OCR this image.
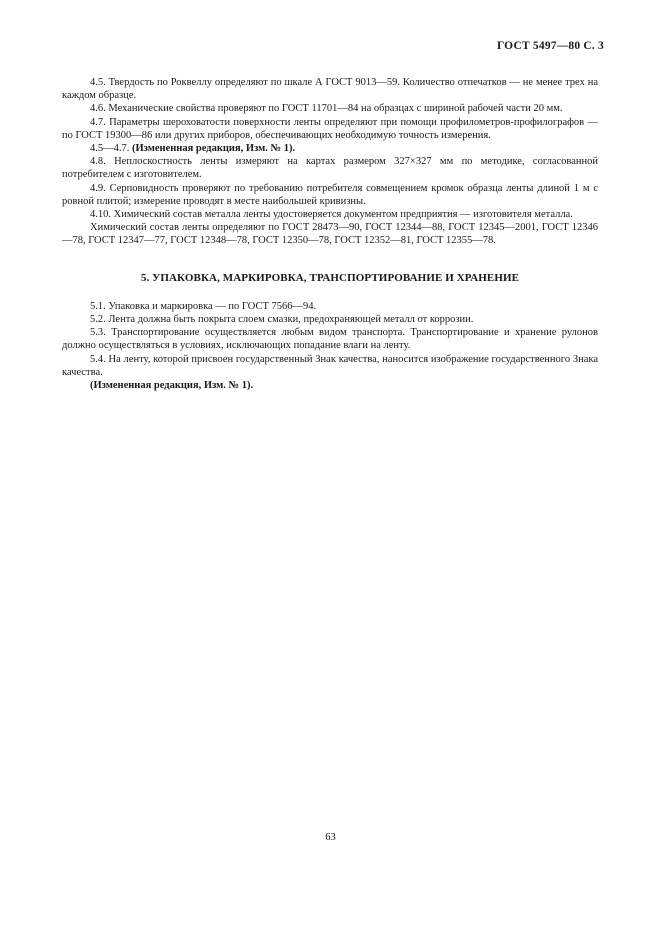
ГОСТ 5497—80 С. 3

4.5. Твердость по Роквеллу определяют по шкале А ГОСТ 9013—59. Количество отпечатков — не менее трех на каждом образце.

4.6. Механические свойства проверяют по ГОСТ 11701—84 на образцах с шириной рабочей части 20 мм.

4.7. Параметры шероховатости поверхности ленты определяют при помощи профилометров-профилографов — по ГОСТ 19300—86 или других приборов, обеспечивающих необходимую точность измерения.

4.5—4.7. (Измененная редакция, Изм. № 1).

4.8. Неплоскостность ленты измеряют на картах размером 327×327 мм по методике, согласованной потребителем с изготовителем.

4.9. Серповидность проверяют по требованию потребителя совмещением кромок образца ленты длиной 1 м с ровной плитой; измерение проводят в месте наибольшей кривизны.

4.10. Химический состав металла ленты удостоверяется документом предприятия — изготовителя металла.

Химический состав ленты определяют по ГОСТ 28473—90, ГОСТ 12344—88, ГОСТ 12345—2001, ГОСТ 12346—78, ГОСТ 12347—77, ГОСТ 12348—78, ГОСТ 12350—78, ГОСТ 12352—81, ГОСТ 12355—78.

5. УПАКОВКА, МАРКИРОВКА, ТРАНСПОРТИРОВАНИЕ И ХРАНЕНИЕ

5.1. Упаковка и маркировка — по ГОСТ 7566—94.

5.2. Лента должна быть покрыта слоем смазки, предохраняющей металл от коррозии.

5.3. Транспортирование осуществляется любым видом транспорта. Транспортирование и хранение рулонов должно осуществляться в условиях, исключающих попадание влаги на ленту.

5.4. На ленту, которой присвоен государственный Знак качества, наносится изображение государственного Знака качества.

(Измененная редакция, Изм. № 1).

63
